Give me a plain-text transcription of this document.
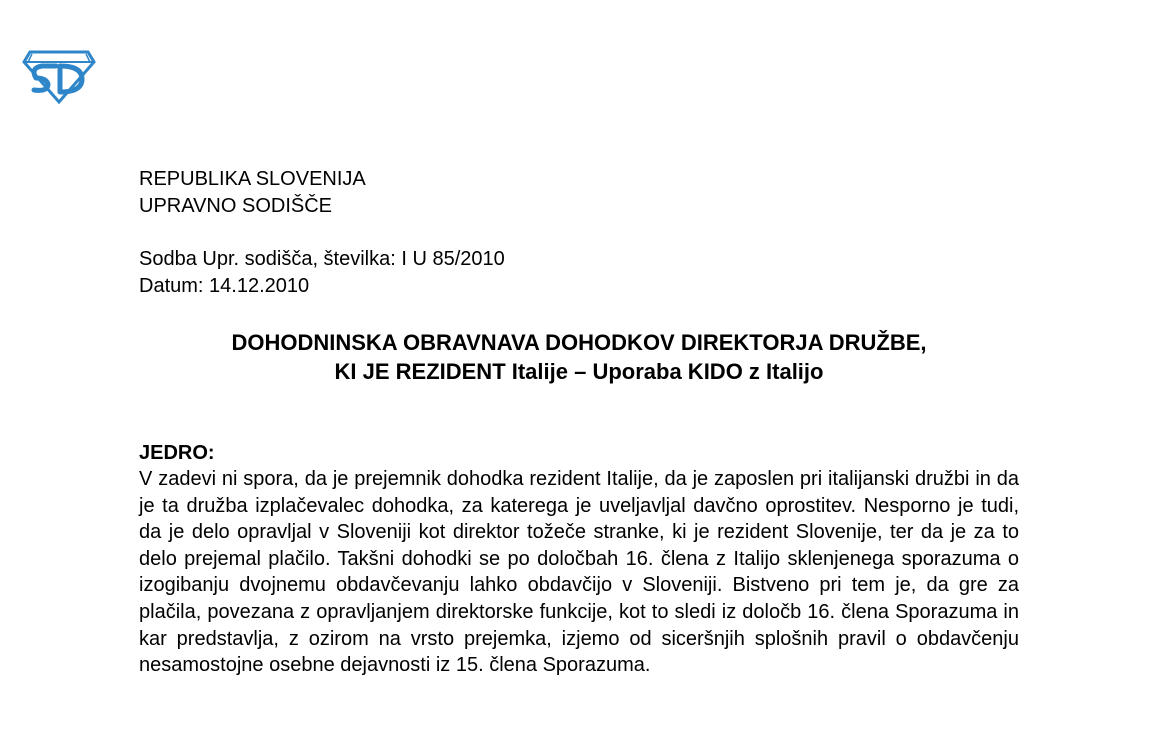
REPUBLIKA SLOVENIJA
UPRAVNO SODIŠČE
Sodba Upr. sodišča, številka: I U 85/2010
Datum: 14.12.2010
DOHODNINSKA OBRAVNAVA DOHODKOV DIREKTORJA DRUŽBE,
KI JE REZIDENT Italije – Uporaba KIDO z Italijo
JEDRO:

V zadevi ni spora, da je prejemnik dohodka rezident Italije, da je zaposlen pri italijanski družbi in da je ta družba izplačevalec dohodka, za katerega je uveljavljal davčno oprostitev. Nesporno je tudi, da je delo opravljal v Sloveniji kot direktor tožeče stranke, ki je rezident Slovenije, ter da je za to delo prejemal plačilo. Takšni dohodki se po določbah 16. člena z Italijo sklenjenega sporazuma o izogibanju dvojnemu obdavčevanju lahko obdavčijo v Sloveniji. Bistveno pri tem je, da gre za plačila, povezana z opravljanjem direktorske funkcije, kot to sledi iz določb 16. člena Sporazuma in kar predstavlja, z ozirom na vrsto prejemka, izjemo od siceršnjih splošnih pravil o obdavčenju nesamostojne osebne dejavnosti iz 15. člena Sporazuma.
